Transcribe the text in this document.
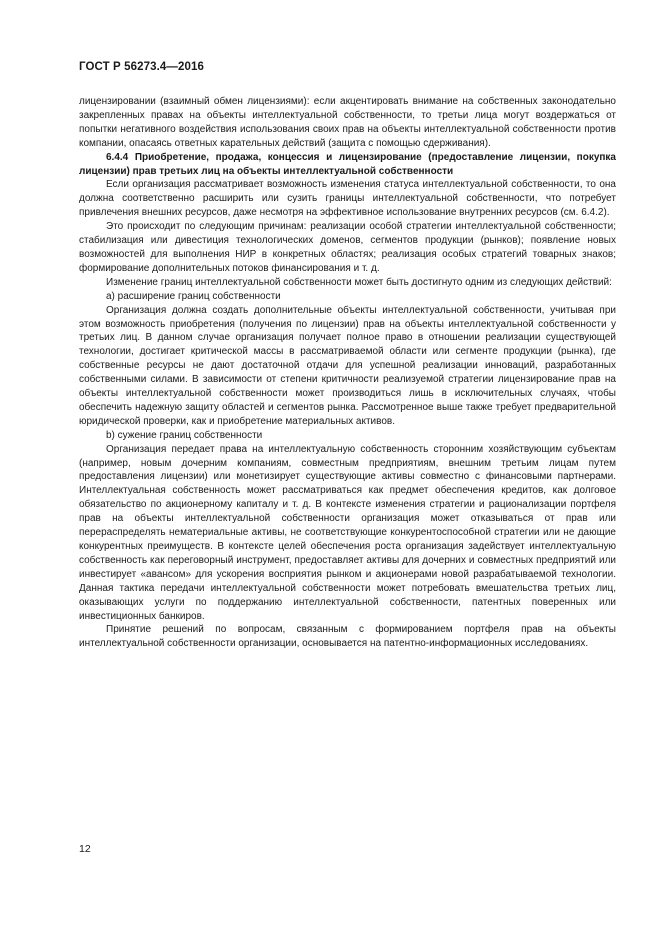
ГОСТ Р 56273.4—2016

лицензировании (взаимный обмен лицензиями): если акцентировать внимание на собственных законодательно закрепленных правах на объекты интеллектуальной собственности, то третьи лица могут воздержаться от попытки негативного воздействия использования своих прав на объекты интеллектуальной собственности против компании, опасаясь ответных карательных действий (защита с помощью сдерживания).

6.4.4 Приобретение, продажа, концессия и лицензирование (предоставление лицензии, покупка лицензии) прав третьих лиц на объекты интеллектуальной собственности

Если организация рассматривает возможность изменения статуса интеллектуальной собственности, то она должна соответственно расширить или сузить границы интеллектуальной собственности, что потребует привлечения внешних ресурсов, даже несмотря на эффективное использование внутренних ресурсов (см. 6.4.2).

Это происходит по следующим причинам: реализации особой стратегии интеллектуальной собственности; стабилизация или дивестиция технологических доменов, сегментов продукции (рынков); появление новых возможностей для выполнения НИР в конкретных областях; реализация особых стратегий товарных знаков; формирование дополнительных потоков финансирования и т. д.

Изменение границ интеллектуальной собственности может быть достигнуто одним из следующих действий:

a) расширение границ собственности

Организация должна создать дополнительные объекты интеллектуальной собственности, учитывая при этом возможность приобретения (получения по лицензии) прав на объекты интеллектуальной собственности у третьих лиц. В данном случае организация получает полное право в отношении реализации существующей технологии, достигает критической массы в рассматриваемой области или сегменте продукции (рынка), где собственные ресурсы не дают достаточной отдачи для успешной реализации инноваций, разработанных собственными силами. В зависимости от степени критичности реализуемой стратегии лицензирование прав на объекты интеллектуальной собственности может производиться лишь в исключительных случаях, чтобы обеспечить надежную защиту областей и сегментов рынка. Рассмотренное выше также требует предварительной юридической проверки, как и приобретение материальных активов.

b) сужение границ собственности

Организация передает права на интеллектуальную собственность сторонним хозяйствующим субъектам (например, новым дочерним компаниям, совместным предприятиям, внешним третьим лицам путем предоставления лицензии) или монетизирует существующие активы совместно с финансовыми партнерами. Интеллектуальная собственность может рассматриваться как предмет обеспечения кредитов, как долговое обязательство по акционерному капиталу и т. д. В контексте изменения стратегии и рационализации портфеля прав на объекты интеллектуальной собственности организация может отказываться от прав или перераспределять нематериальные активы, не соответствующие конкурентоспособной стратегии или не дающие конкурентных преимуществ. В контексте целей обеспечения роста организация задействует интеллектуальную собственность как переговорный инструмент, предоставляет активы для дочерних и совместных предприятий или инвестирует «авансом» для ускорения восприятия рынком и акционерами новой разрабатываемой технологии. Данная тактика передачи интеллектуальной собственности может потребовать вмешательства третьих лиц, оказывающих услуги по поддержанию интеллектуальной собственности, патентных поверенных или инвестиционных банкиров.

Принятие решений по вопросам, связанным с формированием портфеля прав на объекты интеллектуальной собственности организации, основывается на патентно-информационных исследованиях.

12
